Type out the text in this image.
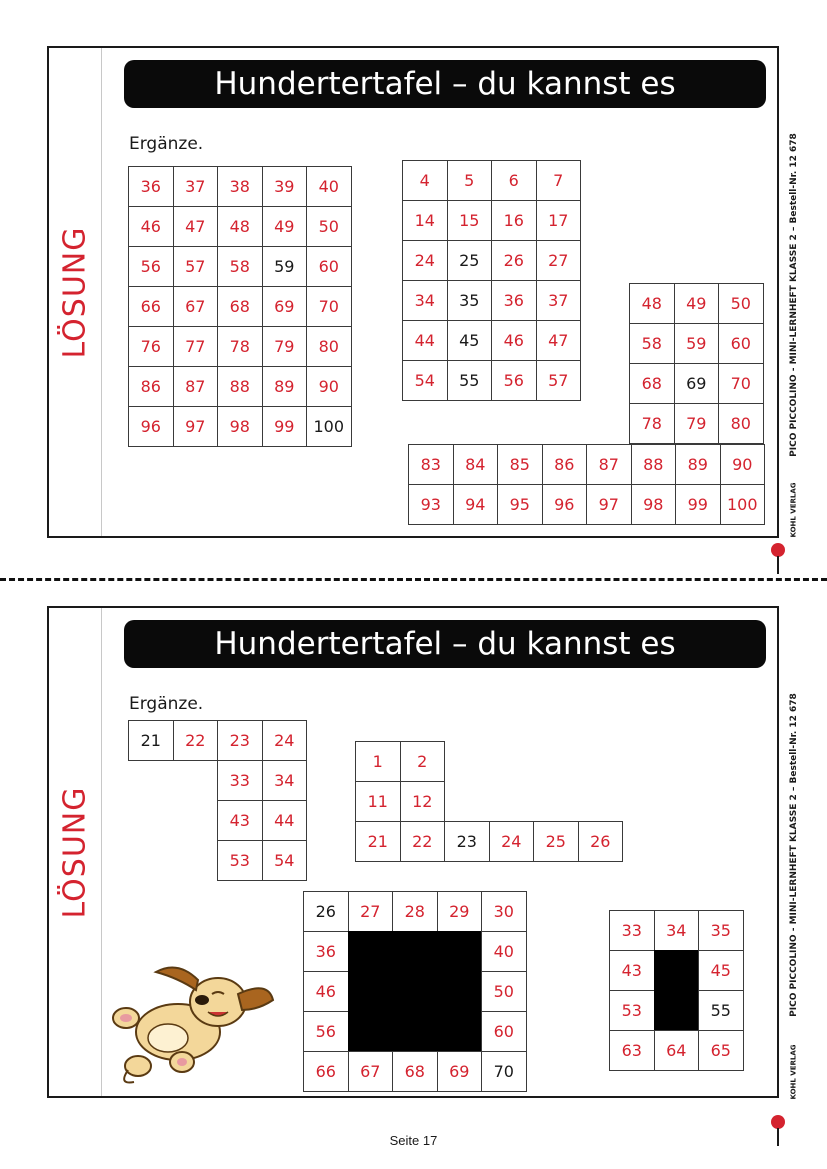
LÖSUNG
Hundertertafel – du kannst es
Ergänze.
36	37	38	39	40
46	47	48	49	50
56	57	58	59	60
66	67	68	69	70
76	77	78	79	80
86	87	88	89	90
96	97	98	99	100
4	5	6	7
14	15	16	17
24	25	26	27
34	35	36	37
44	45	46	47
54	55	56	57
48	49	50
58	59	60
68	69	70
78	79	80
83	84	85	86	87	88	89	90
93	94	95	96	97	98	99	100
PICO PICCOLINO - MINI-LERNHEFT KLASSE 2 – Bestell-Nr. 12 678
KOHL VERLAG
LÖSUNG
Hundertertafel – du kannst es
Ergänze.
21	22	23	24
33	34
43	44
53	54
1	2
11	12
21	22	23	24	25	26
26	27	28	29	30
36	40
46	50
56	60
66	67	68	69	70
33	34	35
43	45
53	55
63	64	65
PICO PICCOLINO - MINI-LERNHEFT KLASSE 2 – Bestell-Nr. 12 678
KOHL VERLAG
Seite 17
